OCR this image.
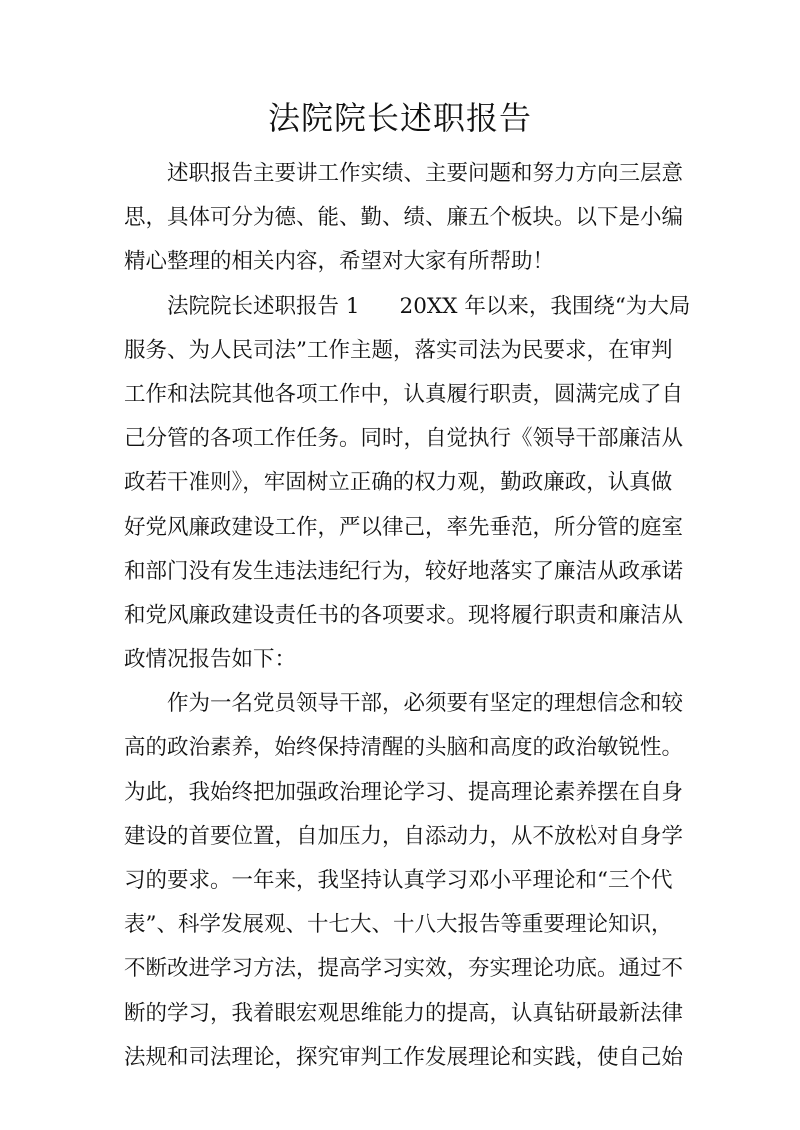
法院院长述职报告
述职报告主要讲工作实绩、主要问题和努力方向三层意
思，具体可分为德、能、勤、绩、廉五个板块。以下是小编
精心整理的相关内容，希望对大家有所帮助！
法院院长述职报告 1 20XX 年以来，我围绕“为大局
服务、为人民司法”工作主题，落实司法为民要求，在审判
工作和法院其他各项工作中，认真履行职责，圆满完成了自
己分管的各项工作任务。同时，自觉执行《领导干部廉洁从
政若干准则》，牢固树立正确的权力观，勤政廉政，认真做
好党风廉政建设工作，严以律己，率先垂范，所分管的庭室
和部门没有发生违法违纪行为，较好地落实了廉洁从政承诺
和党风廉政建设责任书的各项要求。现将履行职责和廉洁从
政情况报告如下：
作为一名党员领导干部，必须要有坚定的理想信念和较
高的政治素养，始终保持清醒的头脑和高度的政治敏锐性。
为此，我始终把加强政治理论学习、提高理论素养摆在自身
建设的首要位置，自加压力，自添动力，从不放松对自身学
习的要求。一年来，我坚持认真学习邓小平理论和“三个代
表”、科学发展观、十七大、十八大报告等重要理论知识，
不断改进学习方法，提高学习实效，夯实理论功底。通过不
断的学习，我着眼宏观思维能力的提高，认真钻研最新法律
法规和司法理论，探究审判工作发展理论和实践，使自己始
